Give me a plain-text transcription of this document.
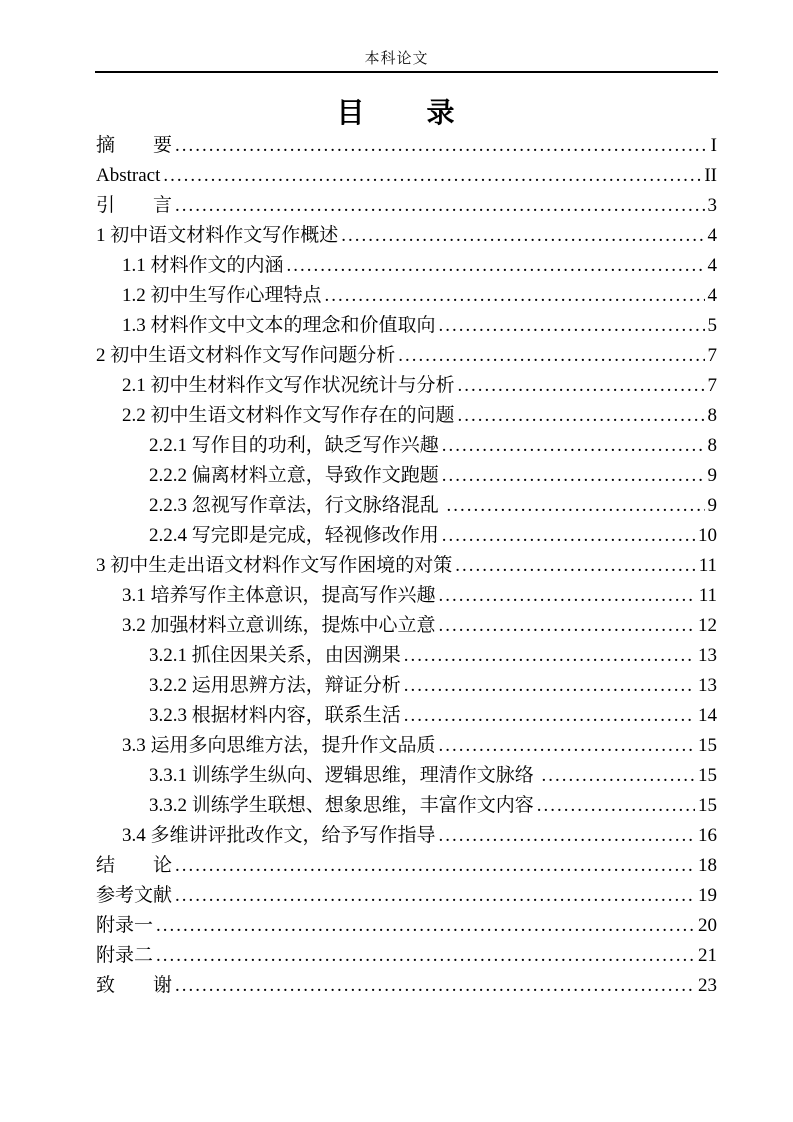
本科论文
目　　录
摘　　要 .....	I
Abstract .....	II
引　　言 .....	3
1 初中语文材料作文写作概述 .....	4
1.1 材料作文的内涵 .....	4
1.2 初中生写作心理特点 .....	4
1.3 材料作文中文本的理念和价值取向 .....	5
2 初中生语文材料作文写作问题分析 .....	7
2.1 初中生材料作文写作状况统计与分析 .....	7
2.2 初中生语文材料作文写作存在的问题 .....	8
2.2.1 写作目的功利，缺乏写作兴趣 .....	8
2.2.2 偏离材料立意，导致作文跑题 .....	9
2.2.3 忽视写作章法，行文脉络混乱 .....	9
2.2.4 写完即是完成，轻视修改作用 .....	10
3 初中生走出语文材料作文写作困境的对策 .....	11
3.1 培养写作主体意识，提高写作兴趣 .....	11
3.2 加强材料立意训练，提炼中心立意 .....	12
3.2.1 抓住因果关系，由因溯果 .....	13
3.2.2 运用思辨方法，辩证分析 .....	13
3.2.3 根据材料内容，联系生活 .....	14
3.3 运用多向思维方法，提升作文品质 .....	15
3.3.1 训练学生纵向、逻辑思维，理清作文脉络 .....	15
3.3.2 训练学生联想、想象思维，丰富作文内容 .....	15
3.4 多维讲评批改作文，给予写作指导 .....	16
结　　论 .....	18
参考文献 .....	19
附录一 .....	20
附录二 .....	21
致　　谢 .....	23
